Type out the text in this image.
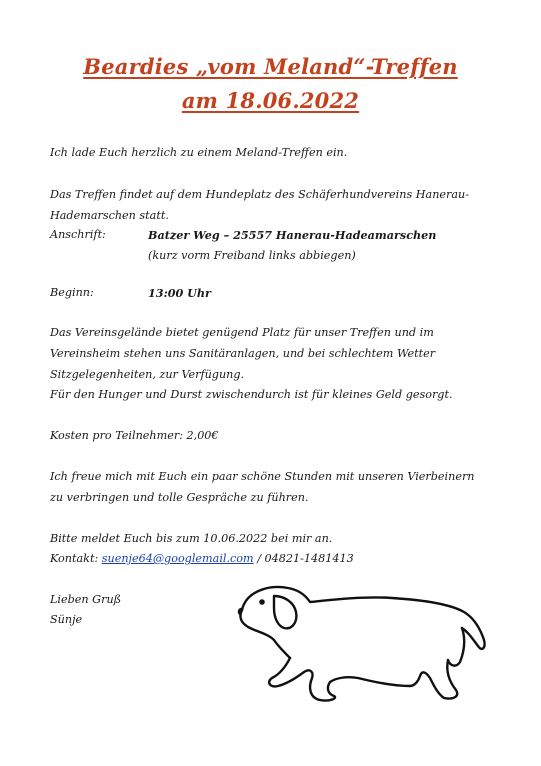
Beardies „vom Meland“-Treffen
am 18.06.2022
Ich lade Euch herzlich zu einem Meland-Treffen ein.
Das Treffen findet auf dem Hundeplatz des Schäferhundvereins Hanerau-
Hademarschen statt.
Anschrift:	Batzer Weg – 25557 Hanerau-Hadeamarschen
(kurz vorm Freiband links abbiegen)
Beginn:	13:00 Uhr
Das Vereinsgelände bietet genügend Platz für unser Treffen und im
Vereinsheim stehen uns Sanitäranlagen, und bei schlechtem Wetter
Sitzgelegenheiten, zur Verfügung.
Für den Hunger und Durst zwischendurch ist für kleines Geld gesorgt.
Kosten pro Teilnehmer: 2,00€
Ich freue mich mit Euch ein paar schöne Stunden mit unseren Vierbeinern
zu verbringen und tolle Gespräche zu führen.
Bitte meldet Euch bis zum 10.06.2022 bei mir an.
Kontakt: suenje64@googlemail.com / 04821-1481413
Lieben Gruß
Sünje
